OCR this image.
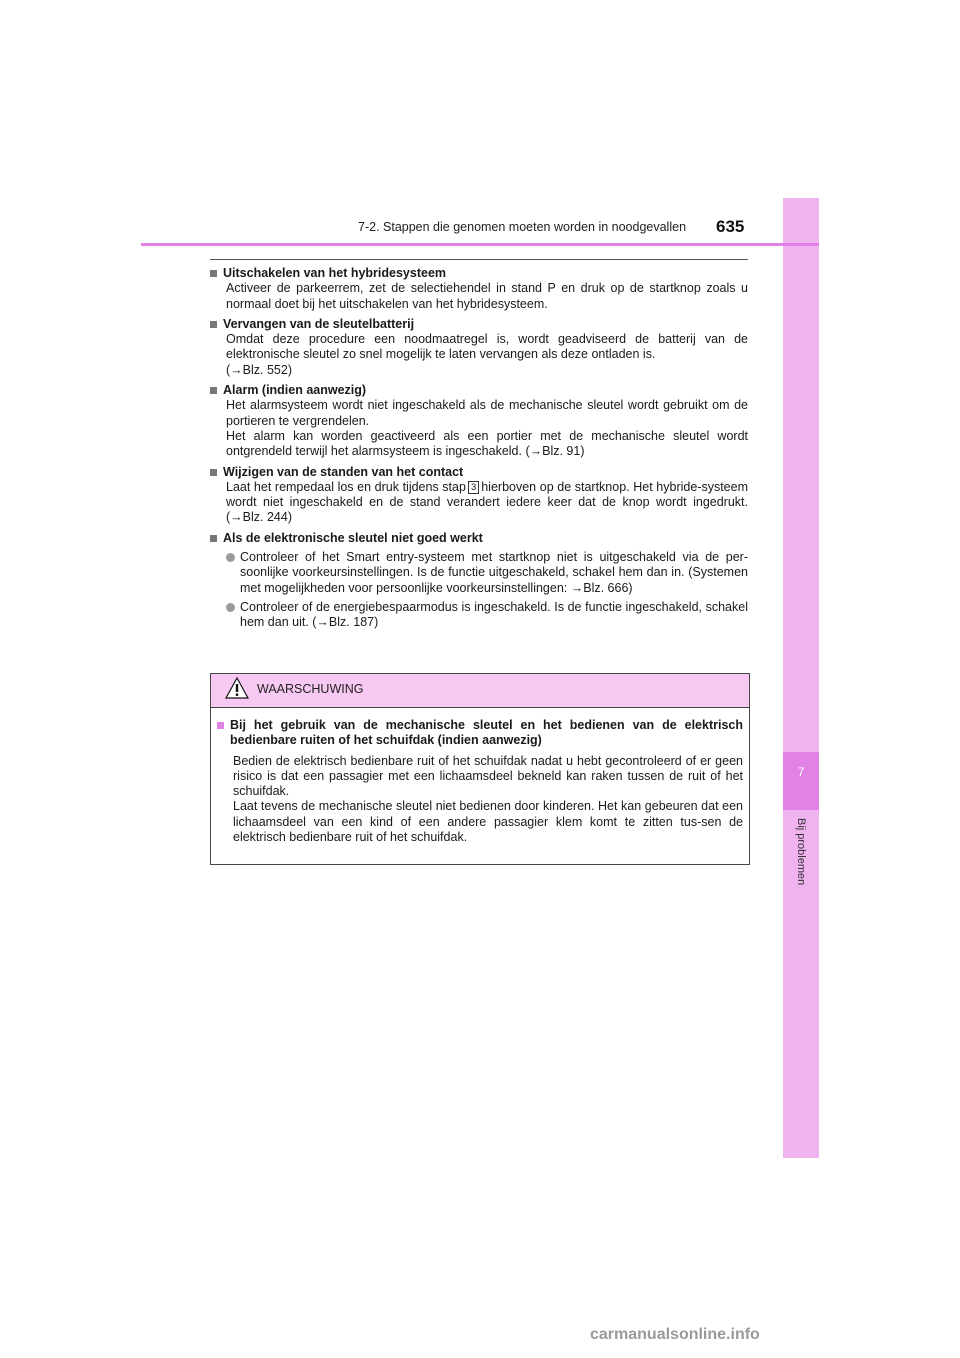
7
Bij problemen
7-2. Stappen die genomen moeten worden in noodgevallen 635
Uitschakelen van het hybridesysteem

Activeer de parkeerrem, zet de selectiehendel in stand P en druk op de startknop zoals u normaal doet bij het uitschakelen van het hybridesysteem.

Vervangen van de sleutelbatterij

Omdat deze procedure een noodmaatregel is, wordt geadviseerd de batterij van de elektronische sleutel zo snel mogelijk te laten vervangen als deze ontladen is.

(→Blz. 552)

Alarm (indien aanwezig)

Het alarmsysteem wordt niet ingeschakeld als de mechanische sleutel wordt gebruikt om de portieren te vergrendelen.

Het alarm kan worden geactiveerd als een portier met de mechanische sleutel wordt ontgrendeld terwijl het alarmsysteem is ingeschakeld. (→Blz. 91)

Wijzigen van de standen van het contact

Laat het rempedaal los en druk tijdens stap 3 hierboven op de startknop. Het hybride-systeem wordt niet ingeschakeld en de stand verandert iedere keer dat de knop wordt ingedrukt. (→Blz. 244)

Als de elektronische sleutel niet goed werkt
Controleer of het Smart entry-systeem met startknop niet is uitgeschakeld via de per-soonlijke voorkeursinstellingen. Is de functie uitgeschakeld, schakel hem dan in. (Systemen met mogelijkheden voor persoonlijke voorkeursinstellingen: →Blz. 666)
Controleer of de energiebespaarmodus is ingeschakeld. Is de functie ingeschakeld, schakel hem dan uit. (→Blz. 187)
WAARSCHUWING
Bij het gebruik van de mechanische sleutel en het bedienen van de elektrisch bedienbare ruiten of het schuifdak (indien aanwezig)

Bedien de elektrisch bedienbare ruit of het schuifdak nadat u hebt gecontroleerd of er geen risico is dat een passagier met een lichaamsdeel bekneld kan raken tussen de ruit of het schuifdak.

Laat tevens de mechanische sleutel niet bedienen door kinderen. Het kan gebeuren dat een lichaamsdeel van een kind of een andere passagier klem komt te zitten tus-sen de elektrisch bedienbare ruit of het schuifdak.

carmanualsonline.info
